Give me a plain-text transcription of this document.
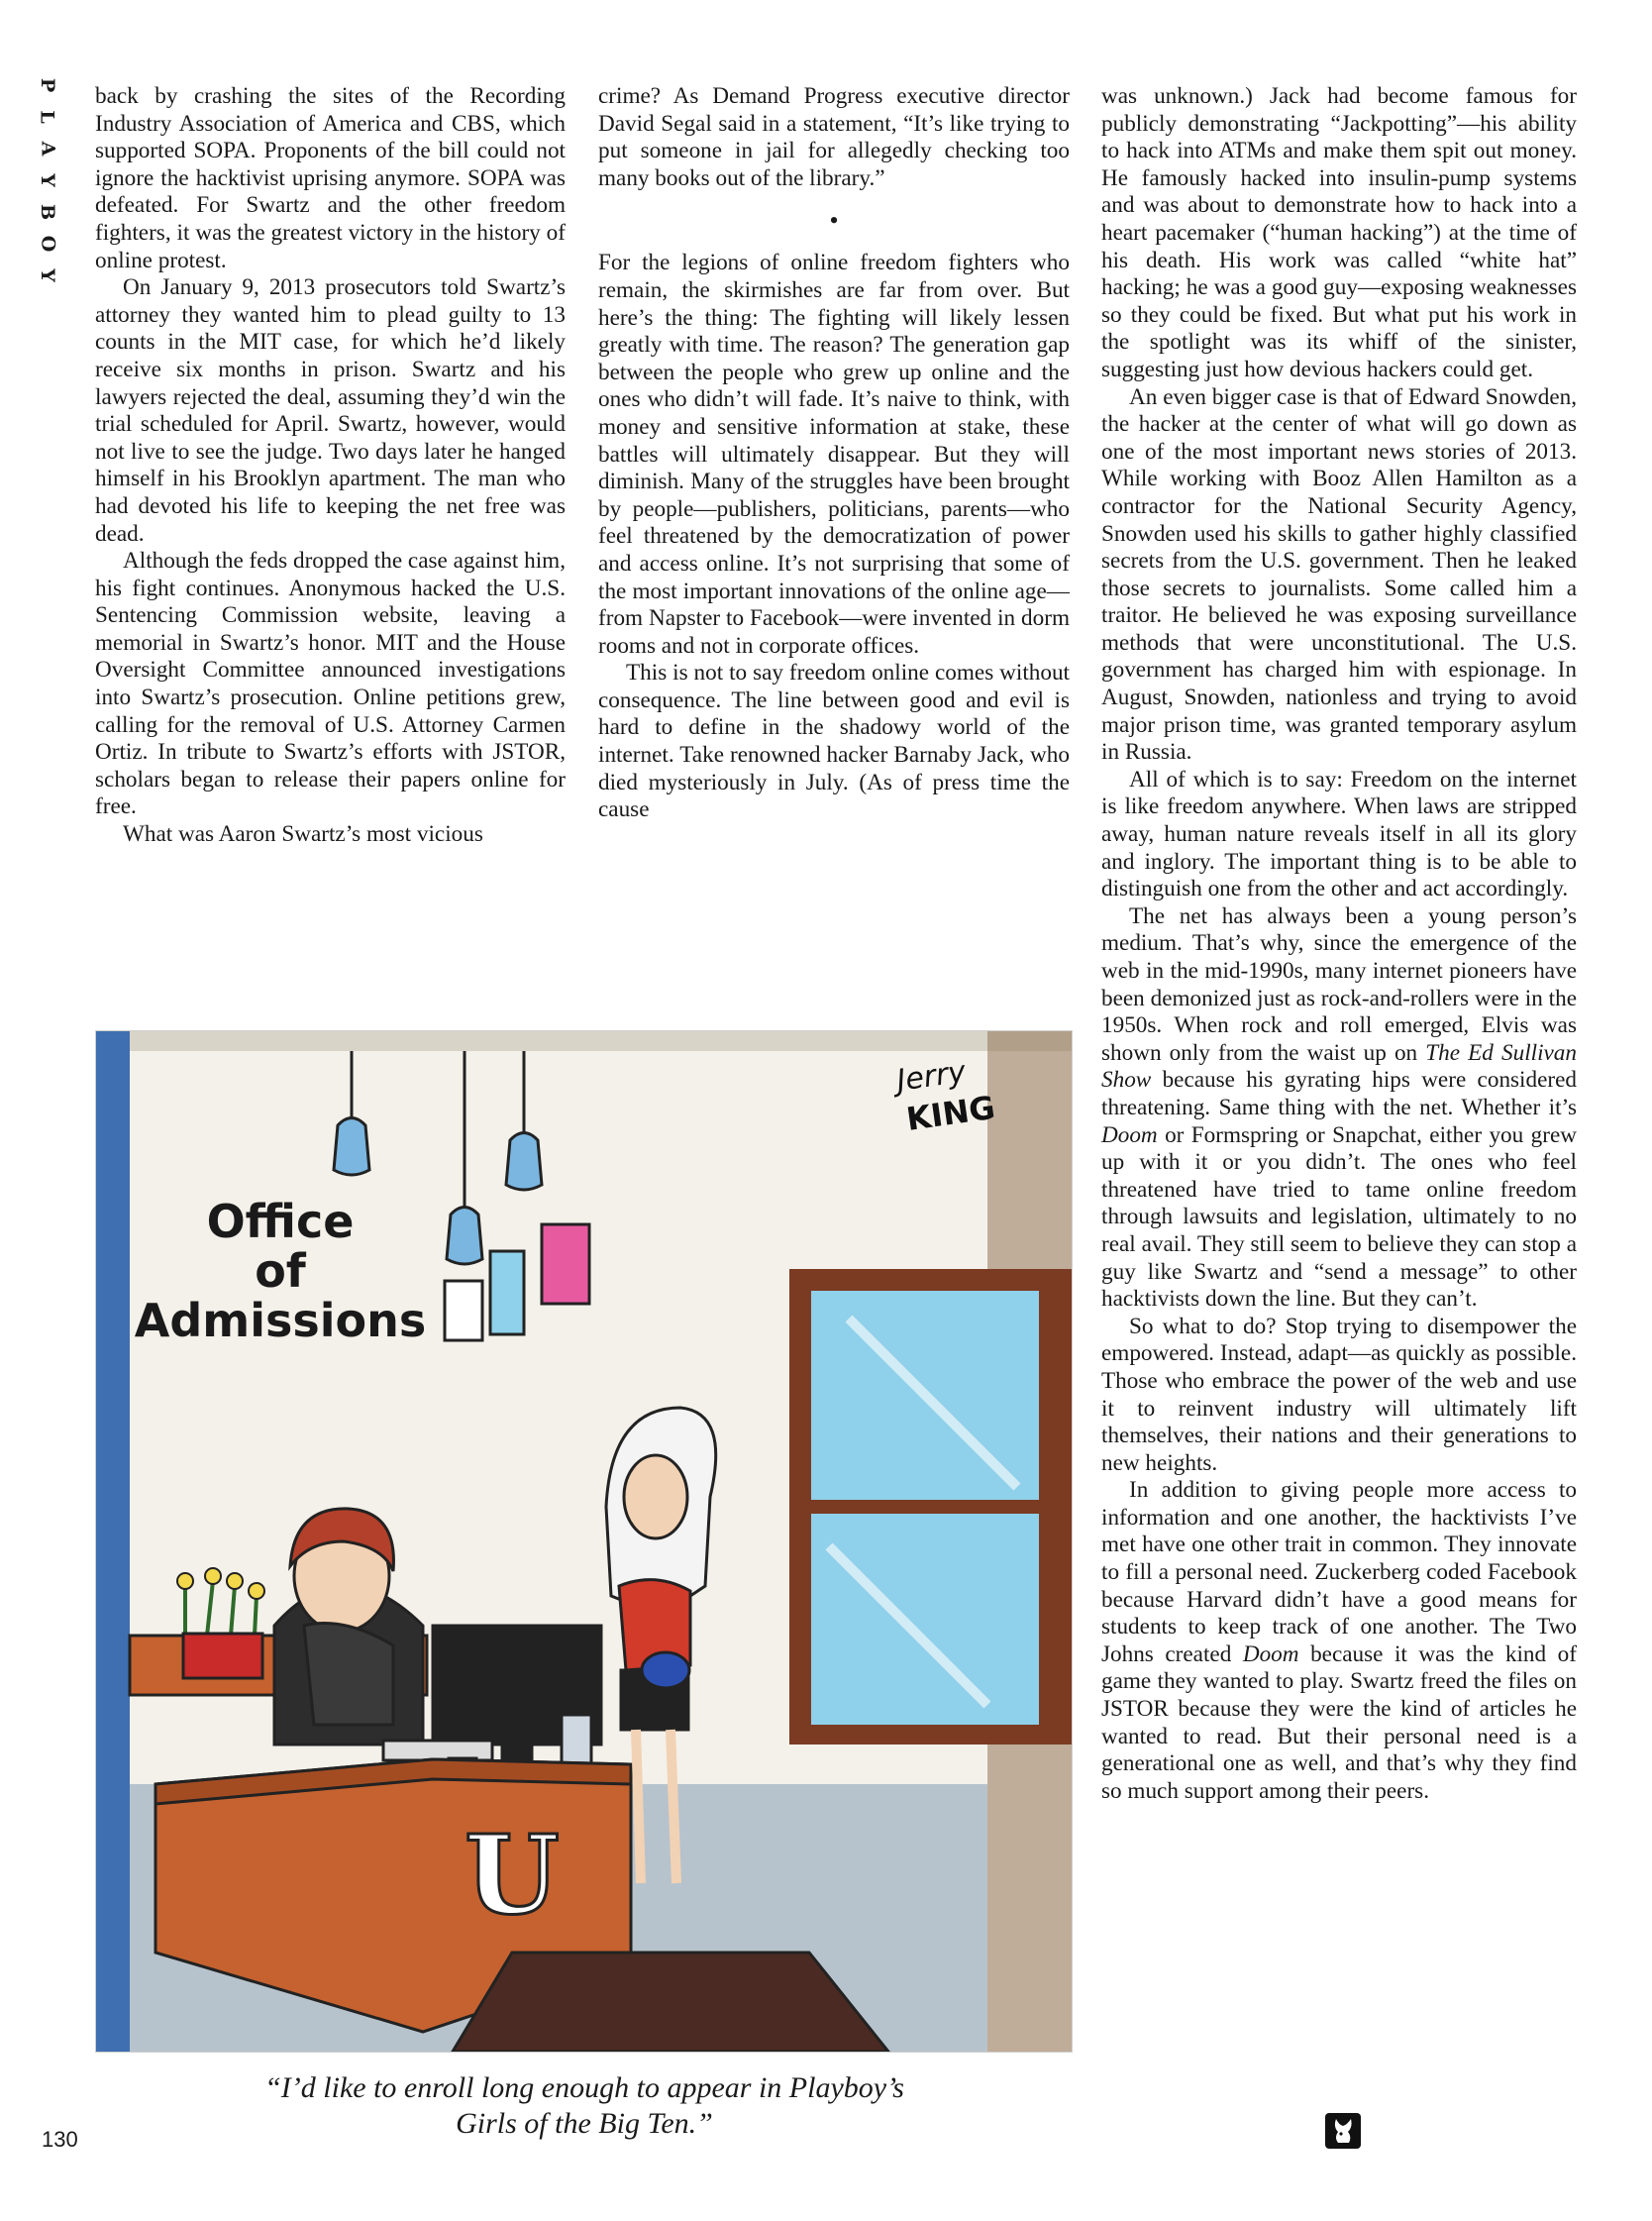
P
L
A
Y
B
O
Y

back by crashing the sites of the Recording Industry Association of America and CBS, which supported SOPA. Proponents of the bill could not ignore the hacktivist uprising anymore. SOPA was defeated. For Swartz and the other freedom fighters, it was the greatest victory in the history of online protest.

On January 9, 2013 prosecutors told Swartz’s attorney they wanted him to plead guilty to 13 counts in the MIT case, for which he’d likely receive six months in prison. Swartz and his lawyers rejected the deal, assuming they’d win the trial scheduled for April. Swartz, however, would not live to see the judge. Two days later he hanged himself in his Brooklyn apartment. The man who had devoted his life to keeping the net free was dead.

Although the feds dropped the case against him, his fight continues. Anonymous hacked the U.S. Sentencing Commission website, leaving a memorial in Swartz’s honor. MIT and the House Oversight Committee announced investigations into Swartz’s prosecution. Online petitions grew, calling for the removal of U.S. Attorney Carmen Ortiz. In tribute to Swartz’s efforts with JSTOR, scholars began to release their papers online for free.

What was Aaron Swartz’s most vicious

crime? As Demand Progress executive director David Segal said in a statement, “It’s like trying to put someone in jail for allegedly checking too many books out of the library.”

•

For the legions of online freedom fighters who remain, the skirmishes are far from over. But here’s the thing: The fighting will likely lessen greatly with time. The reason? The generation gap between the people who grew up online and the ones who didn’t will fade. It’s naive to think, with money and sensitive information at stake, these battles will ultimately disappear. But they will diminish. Many of the struggles have been brought by people—publishers, politicians, parents—who feel threatened by the democratization of power and access online. It’s not surprising that some of the most important innovations of the online age—from Napster to Facebook—were invented in dorm rooms and not in corporate offices.

This is not to say freedom online comes without consequence. The line between good and evil is hard to define in the shadowy world of the internet. Take renowned hacker Barnaby Jack, who died mysteriously in July. (As of press time the cause

was unknown.) Jack had become famous for publicly demonstrating “Jackpotting”—his ability to hack into ATMs and make them spit out money. He famously hacked into insulin-pump systems and was about to demonstrate how to hack into a heart pacemaker (“human hacking”) at the time of his death. His work was called “white hat” hacking; he was a good guy—exposing weaknesses so they could be fixed. But what put his work in the spotlight was its whiff of the sinister, suggesting just how devious hackers could get.

An even bigger case is that of Edward Snowden, the hacker at the center of what will go down as one of the most important news stories of 2013. While working with Booz Allen Hamilton as a contractor for the National Security Agency, Snowden used his skills to gather highly classified secrets from the U.S. government. Then he leaked those secrets to journalists. Some called him a traitor. He believed he was exposing surveillance methods that were unconstitutional. The U.S. government has charged him with espionage. In August, Snowden, nationless and trying to avoid major prison time, was granted temporary asylum in Russia.

All of which is to say: Freedom on the internet is like freedom anywhere. When laws are stripped away, human nature reveals itself in all its glory and inglory. The important thing is to be able to distinguish one from the other and act accordingly.

The net has always been a young person’s medium. That’s why, since the emergence of the web in the mid-1990s, many internet pioneers have been demonized just as rock-and-rollers were in the 1950s. When rock and roll emerged, Elvis was shown only from the waist up on The Ed Sullivan Show because his gyrating hips were considered threatening. Same thing with the net. Whether it’s Doom or Formspring or Snapchat, either you grew up with it or you didn’t. The ones who feel threatened have tried to tame online freedom through lawsuits and legislation, ultimately to no real avail. They still seem to believe they can stop a guy like Swartz and “send a message” to other hacktivists down the line. But they can’t.

So what to do? Stop trying to disempower the empowered. Instead, adapt—as quickly as possible. Those who embrace the power of the web and use it to reinvent industry will ultimately lift themselves, their nations and their generations to new heights.

In addition to giving people more access to information and one another, the hacktivists I’ve met have one other trait in common. They innovate to fill a personal need. Zuckerberg coded Facebook because Harvard didn’t have a good means for students to keep track of one another. The Two Johns created Doom because it was the kind of game they wanted to play. Swartz freed the files on JSTOR because they were the kind of articles he wanted to read. But their personal need is a generational one as well, and that’s why they find so much support among their peers.

Jerry
KING
Office
of
Admissions
U
“I’d like to enroll long enough to appear in Playboy’s
Girls of the Big Ten.”
130
